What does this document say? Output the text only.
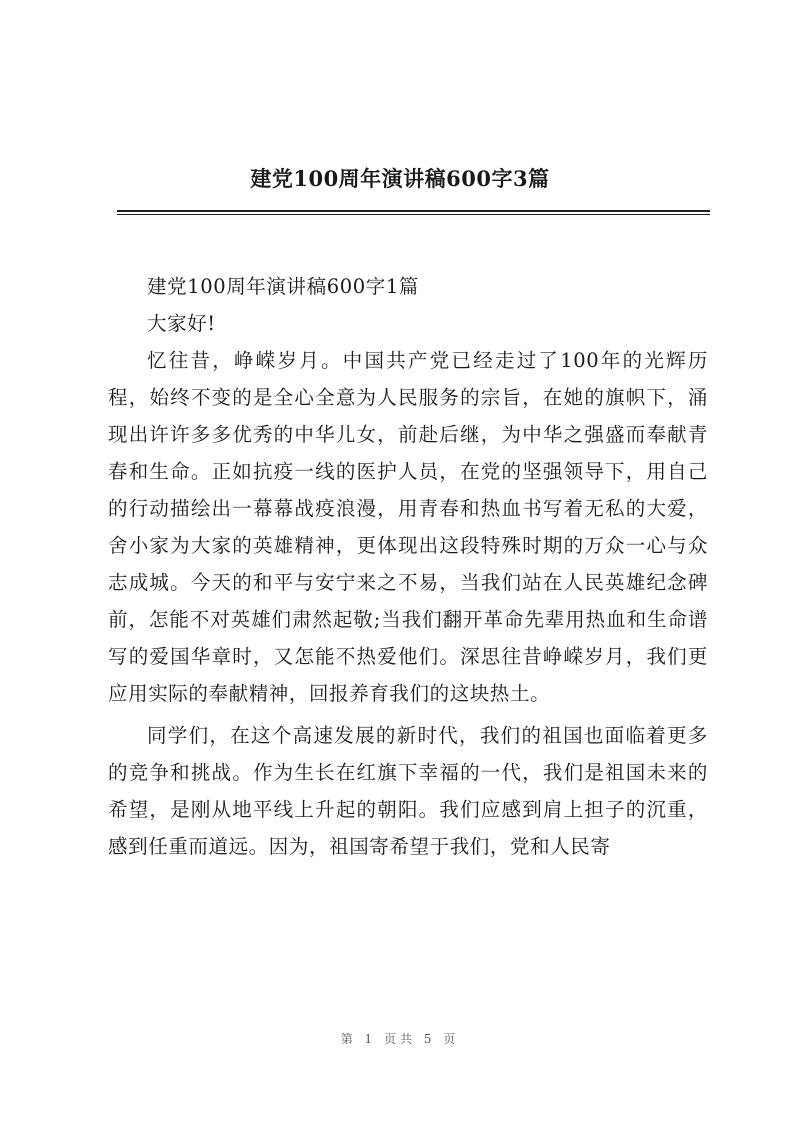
建党100周年演讲稿600字3篇

建党100周年演讲稿600字1篇

大家好!

忆往昔，峥嵘岁月。中国共产党已经走过了100年的光辉历程，始终不变的是全心全意为人民服务的宗旨，在她的旗帜下，涌现出许许多多优秀的中华儿女，前赴后继，为中华之强盛而奉献青春和生命。正如抗疫一线的医护人员，在党的坚强领导下，用自己的行动描绘出一幕幕战疫浪漫，用青春和热血书写着无私的大爱，舍小家为大家的英雄精神，更体现出这段特殊时期的万众一心与众志成城。今天的和平与安宁来之不易，当我们站在人民英雄纪念碑前，怎能不对英雄们肃然起敬;当我们翻开革命先辈用热血和生命谱写的爱国华章时，又怎能不热爱他们。深思往昔峥嵘岁月，我们更应用实际的奉献精神，回报养育我们的这块热土。

同学们，在这个高速发展的新时代，我们的祖国也面临着更多的竞争和挑战。作为生长在红旗下幸福的一代，我们是祖国未来的希望，是刚从地平线上升起的朝阳。我们应感到肩上担子的沉重，感到任重而道远。因为，祖国寄希望于我们，党和人民寄

第 1 页共 5 页
